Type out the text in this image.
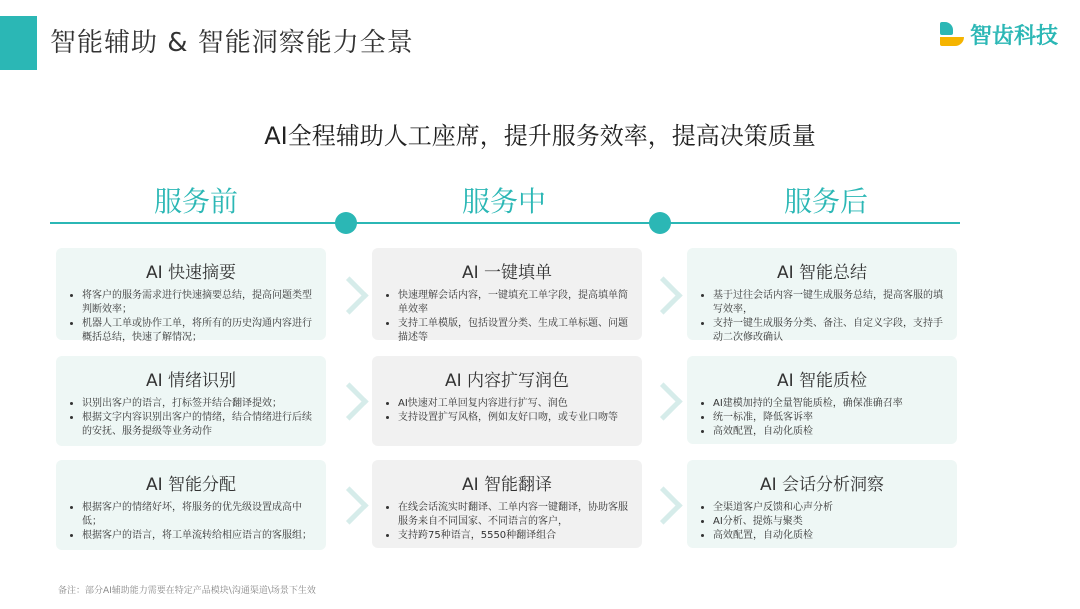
智能辅助 & 智能洞察能力全景	智齿科技
AI全程辅助人工座席，提升服务效率，提高决策质量
服务前	服务中	服务后
AI 快速摘要
• 将客户的服务需求进行快速摘要总结，提高问题类型判断效率；
• 机器人工单或协作工单，将所有的历史沟通内容进行概括总结，快速了解情况；
AI 情绪识别
• 识别出客户的语言，打标签并结合翻译提效；
• 根据文字内容识别出客户的情绪，结合情绪进行后续的安抚、服务提级等业务动作
AI 智能分配
• 根据客户的情绪好坏，将服务的优先级设置成高中低；
• 根据客户的语言，将工单流转给相应语言的客服组；
AI 一键填单
• 快速理解会话内容，一键填充工单字段，提高填单简单效率
• 支持工单模版，包括设置分类、生成工单标题、问题描述等
AI 内容扩写润色
• AI快速对工单回复内容进行扩写、润色
• 支持设置扩写风格，例如友好口吻，或专业口吻等
AI 智能翻译
• 在线会话流实时翻译、工单内容一键翻译，协助客服服务来自不同国家、不同语言的客户，
• 支持跨75种语言，5550种翻译组合
AI 智能总结
• 基于过往会话内容一键生成服务总结，提高客服的填写效率，
• 支持一键生成服务分类、备注、自定义字段，支持手动二次修改确认
AI 智能质检
• AI建模加持的全量智能质检，确保准确召率
• 统一标准，降低客诉率
• 高效配置，自动化质检
AI 会话分析洞察
• 全渠道客户反馈和心声分析
• AI分析、提炼与聚类
• 高效配置，自动化质检
备注：部分AI辅助能力需要在特定产品模块\沟通渠道\场景下生效
